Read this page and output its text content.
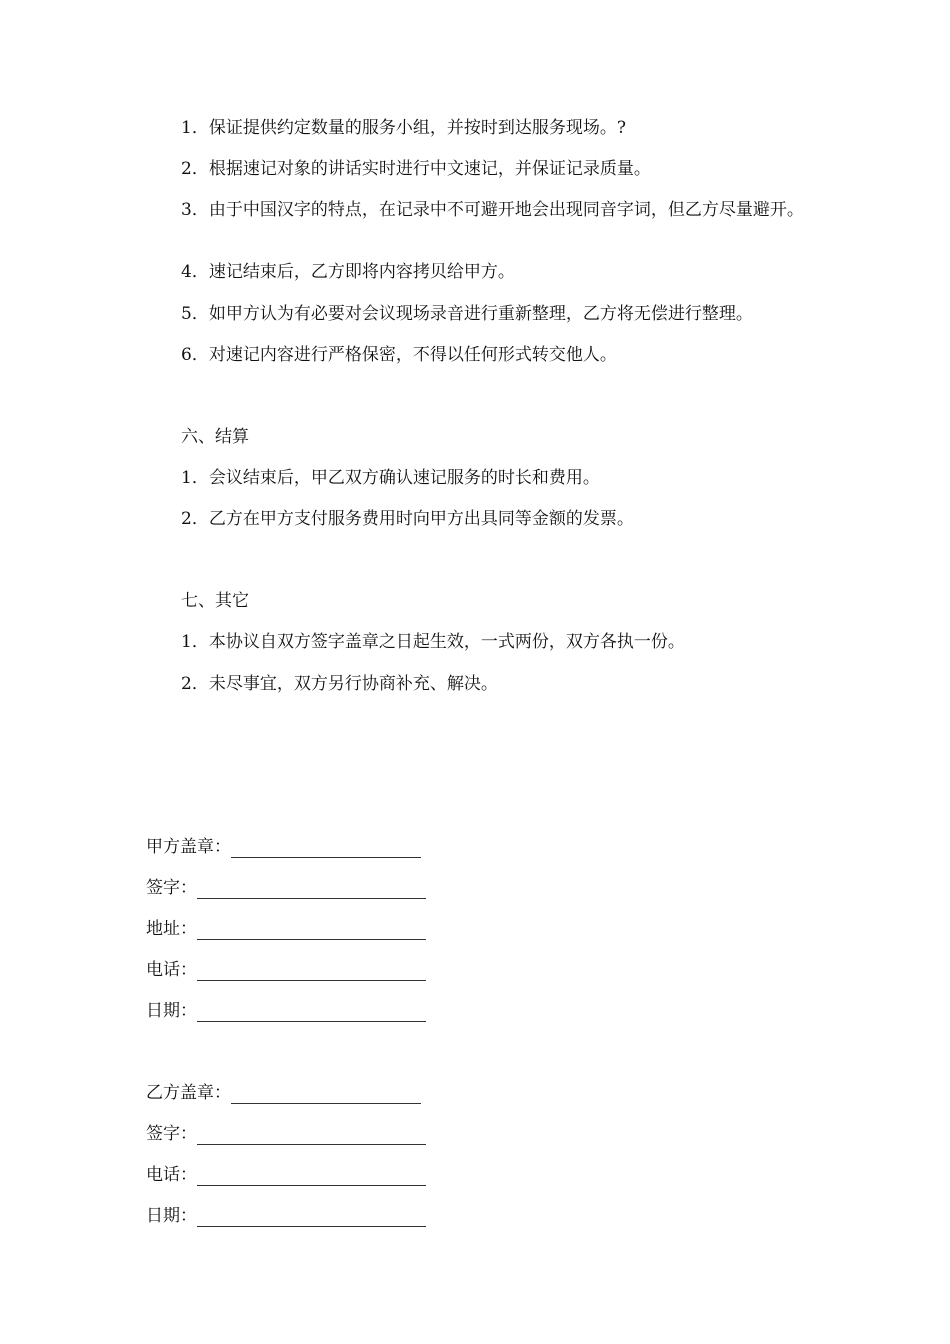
1．保证提供约定数量的服务小组，并按时到达服务现场。?
2．根据速记对象的讲话实时进行中文速记，并保证记录质量。
3．由于中国汉字的特点，在记录中不可避开地会出现同音字词，但乙方尽量避开。
4．速记结束后，乙方即将内容拷贝给甲方。
5．如甲方认为有必要对会议现场录音进行重新整理，乙方将无偿进行整理。
6．对速记内容进行严格保密，不得以任何形式转交他人。
六、结算
1．会议结束后，甲乙双方确认速记服务的时长和费用。
2．乙方在甲方支付服务费用时向甲方出具同等金额的发票。
七、其它
1．本协议自双方签字盖章之日起生效，一式两份，双方各执一份。
2．未尽事宜，双方另行协商补充、解决。
甲方盖章：
签字：
地址：
电话：
日期：
乙方盖章：
签字：
电话：
日期：
